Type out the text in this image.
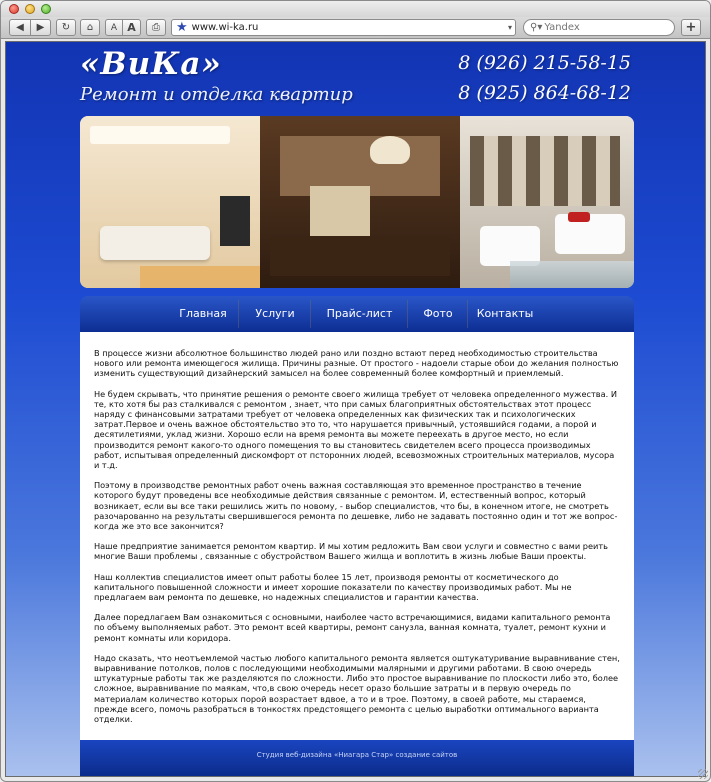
◀ ▶ ↻ ⌂ A A ⎙ ★ www.wi-ka.ru	▾ ⚲▾
Yandex	+
«ВиКа»
Ремонт и отделка квартир
8 (926) 215-58-15
8 (925) 864-68-12
Главная	Услуги	Прайс-лист	Фото	Контакты

В процессе жизни абсолютное большинство людей рано или поздно встают перед необходимостью строительства нового или ремонта имеющегося жилища. Причины разные. От простого - надоели старые обои до желания полностью изменить существующий дизайнерский замысел на более современный более комфортный и приемлемый.

Не будем скрывать, что принятие решения о ремонте своего жилища требует от человека определенного мужества. И те, кто хотя бы раз сталкивался с ремонтом , знает, что при самых благоприятных обстоятельствах этот процесс наряду с финансовыми затратами требует от человека определенных как физических так и психологических затрат.Первое и очень важное обстоятельство это то, что нарушается привычный, устоявшийся годами, а порой и десятилетиями, уклад жизни. Хорошо если на время ремонта вы можете переехать в другое место, но если производится ремонт какого-то одного помещения то вы становитесь свидетелем всего процесса производимых работ, испытывая определенный дискомфорт от псторонних людей, всевозможных строительных материалов, мусора и т.д.

Поэтому в производстве ремонтных работ очень важная составляющая это временное пространство в течение которого будут проведены все необходимые действия связанные с ремонтом. И, естественный вопрос, который возникает, если вы все таки решились жить по новому, - выбор специалистов, что бы, в конечном итоге, не смотреть разочарованно на результаты свершившегося ремонта по дешевке, либо не задавать постоянно один и тот же вопрос-когда же это все закончится?

Наше предприятие занимается ремонтом квартир. И мы хотим редложить Вам свои услуги и совместно с вами реить многие Ваши проблемы , связанные с обустройством Вашего жилща и воплотить в жизнь любые Ваши проекты.

Наш коллектив специалистов имеет опыт работы более 15 лет, производя ремонты от косметического до капитального повышенной сложности и имеет хорошие показатели по качеству производимых работ. Мы не предлагаем вам ремонта по дешевке, но надежных специалистов и гарантии качества.

Далее поредлагаем Вам ознакомиться с основными, наиболее часто встречающимися, видами капитального ремонта по объему выполняемых работ. Это ремонт всей квартиры, ремонт санузла, ванная комната, туалет, ремонт кухни и ремонт комнаты или коридора.

Надо сказать, что неотъемлемой частью любого капитального ремонта является оштукатуривание выравнивание стен, выравнивание потолков, полов с последующими необходимыми малярными и другими работами. В свою очередь штукатурные работы так же разделяются по сложности. Либо это простое выравнивание по плоскости либо это, более сложное, выравнивание по маякам, что,в свою очередь несет оразо большие затраты и в первую очередь по материалам количество которых порой возрастает вдвое, а то и в трое. Поэтому, в своей работе, мы стараемся, прежде всего, помочь разобраться в тонкостях предстоящего ремонта с целью выработки оптимального варианта отделки.

Студия веб-дизайна «Ниагара Стар» создание сайтов
